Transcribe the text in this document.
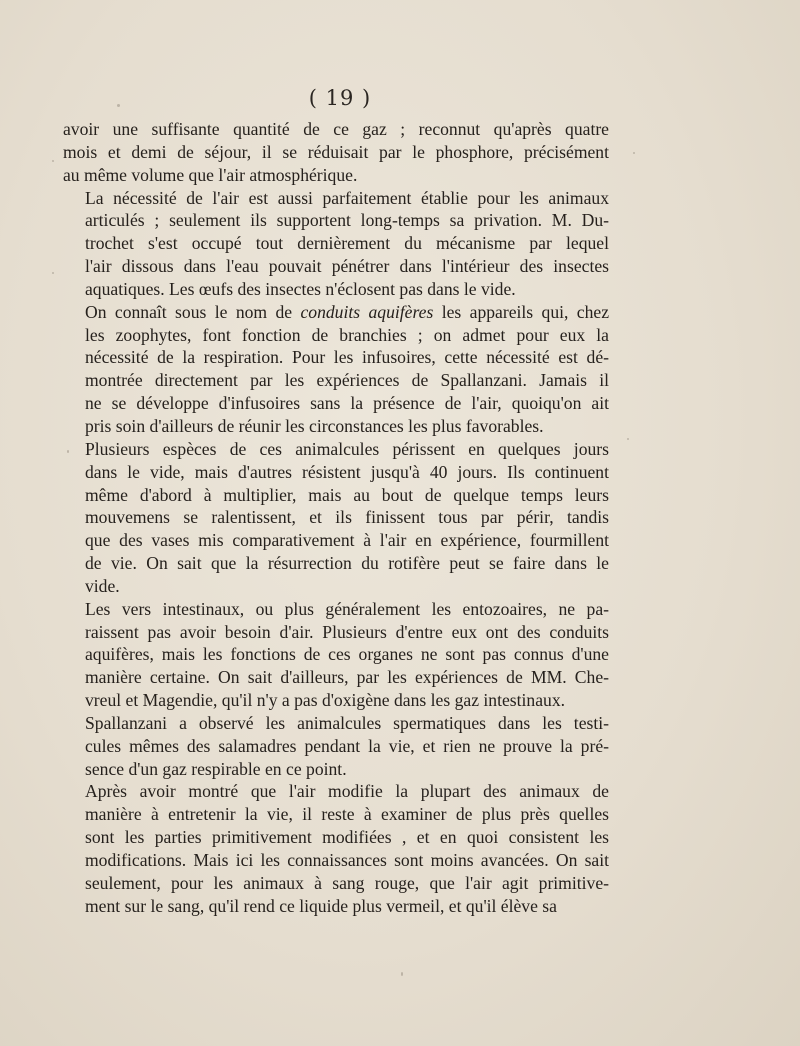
( 19 )
avoir une suffisante quantité de ce gaz ; reconnut qu'après quatre
mois et demi de séjour, il se réduisait par le phosphore, précisément
au même volume que l'air atmosphérique.
La nécessité de l'air est aussi parfaitement établie pour les animaux
articulés ; seulement ils supportent long-temps sa privation. M. Du-
trochet s'est occupé tout dernièrement du mécanisme par lequel
l'air dissous dans l'eau pouvait pénétrer dans l'intérieur des insectes
aquatiques. Les œufs des insectes n'éclosent pas dans le vide.
On connaît sous le nom de conduits aquifères les appareils qui, chez
les zoophytes, font fonction de branchies ; on admet pour eux la
nécessité de la respiration. Pour les infusoires, cette nécessité est dé-
montrée directement par les expériences de Spallanzani. Jamais il
ne se développe d'infusoires sans la présence de l'air, quoiqu'on ait
pris soin d'ailleurs de réunir les circonstances les plus favorables.
Plusieurs espèces de ces animalcules périssent en quelques jours
dans le vide, mais d'autres résistent jusqu'à 40 jours. Ils continuent
même d'abord à multiplier, mais au bout de quelque temps leurs
mouvemens se ralentissent, et ils finissent tous par périr, tandis
que des vases mis comparativement à l'air en expérience, fourmillent
de vie. On sait que la résurrection du rotifère peut se faire dans le
vide.
Les vers intestinaux, ou plus généralement les entozoaires, ne pa-
raissent pas avoir besoin d'air. Plusieurs d'entre eux ont des conduits
aquifères, mais les fonctions de ces organes ne sont pas connus d'une
manière certaine. On sait d'ailleurs, par les expériences de MM. Che-
vreul et Magendie, qu'il n'y a pas d'oxigène dans les gaz intestinaux.
Spallanzani a observé les animalcules spermatiques dans les testi-
cules mêmes des salamadres pendant la vie, et rien ne prouve la pré-
sence d'un gaz respirable en ce point.
Après avoir montré que l'air modifie la plupart des animaux de
manière à entretenir la vie, il reste à examiner de plus près quelles
sont les parties primitivement modifiées , et en quoi consistent les
modifications. Mais ici les connaissances sont moins avancées. On sait
seulement, pour les animaux à sang rouge, que l'air agit primitive-
ment sur le sang, qu'il rend ce liquide plus vermeil, et qu'il élève sa
